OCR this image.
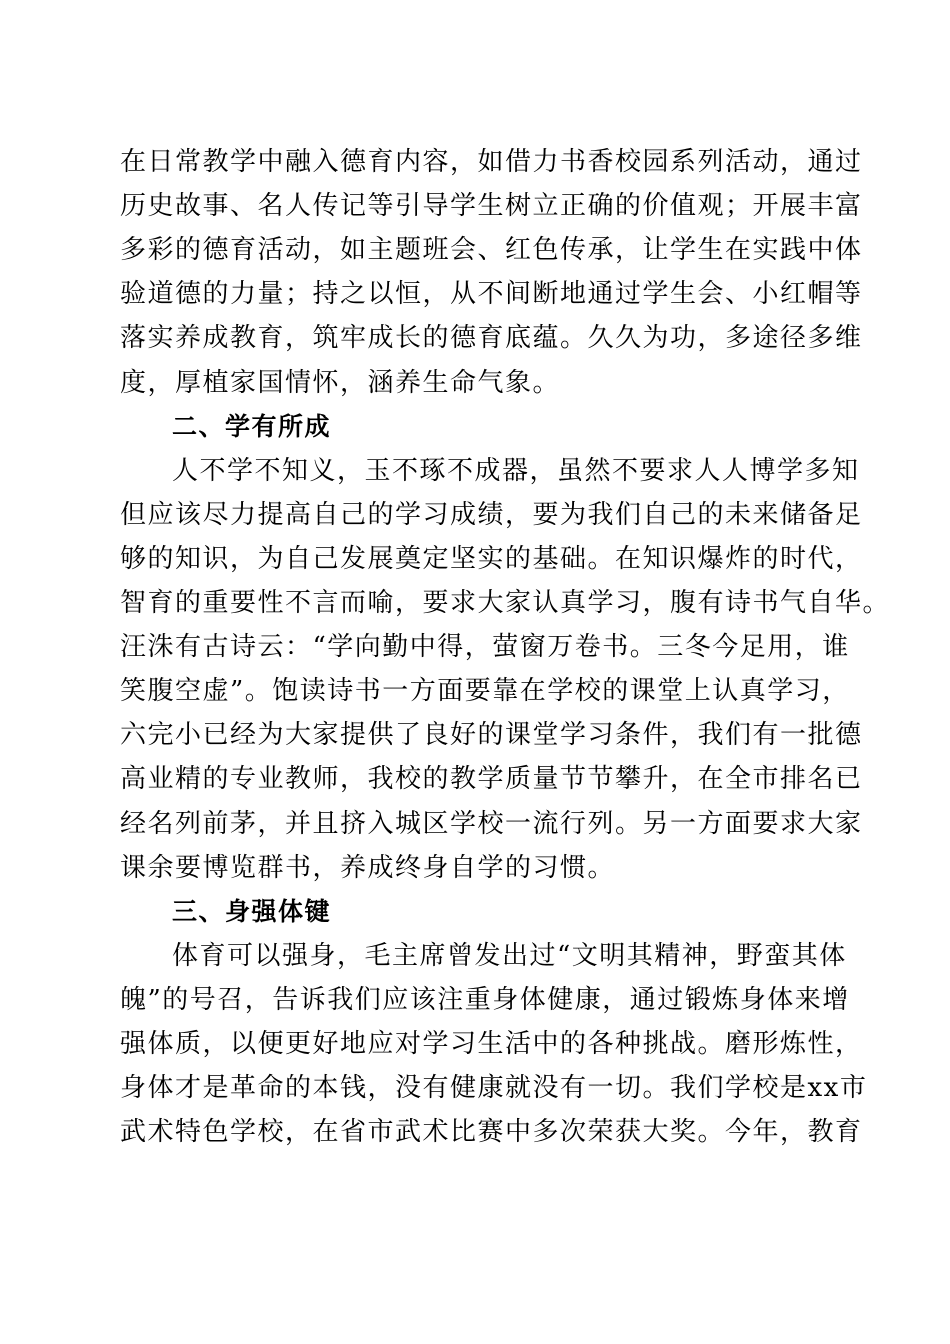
在日常教学中融入德育内容，如借力书香校园系列活动，通过
历史故事、名人传记等引导学生树立正确的价值观；开展丰富
多彩的德育活动，如主题班会、红色传承，让学生在实践中体
验道德的力量；持之以恒，从不间断地通过学生会、小红帽等
落实养成教育，筑牢成长的德育底蕴。久久为功，多途径多维
度，厚植家国情怀，涵养生命气象。
二、学有所成
人不学不知义，玉不琢不成器，虽然不要求人人博学多知
但应该尽力提高自己的学习成绩，要为我们自己的未来储备足
够的知识，为自己发展奠定坚实的基础。在知识爆炸的时代，
智育的重要性不言而喻，要求大家认真学习，腹有诗书气自华。
汪洙有古诗云：“学向勤中得，萤窗万卷书。三冬今足用，谁
笑腹空虚”。饱读诗书一方面要靠在学校的课堂上认真学习，
六完小已经为大家提供了良好的课堂学习条件，我们有一批德
高业精的专业教师，我校的教学质量节节攀升，在全市排名已
经名列前茅，并且挤入城区学校一流行列。另一方面要求大家
课余要博览群书，养成终身自学的习惯。
三、身强体键
体育可以强身，毛主席曾发出过“文明其精神，野蛮其体
魄”的号召，告诉我们应该注重身体健康，通过锻炼身体来增
强体质，以便更好地应对学习生活中的各种挑战。磨形炼性，
身体才是革命的本钱，没有健康就没有一切。我们学校是xx市
武术特色学校，在省市武术比赛中多次荣获大奖。今年，教育
